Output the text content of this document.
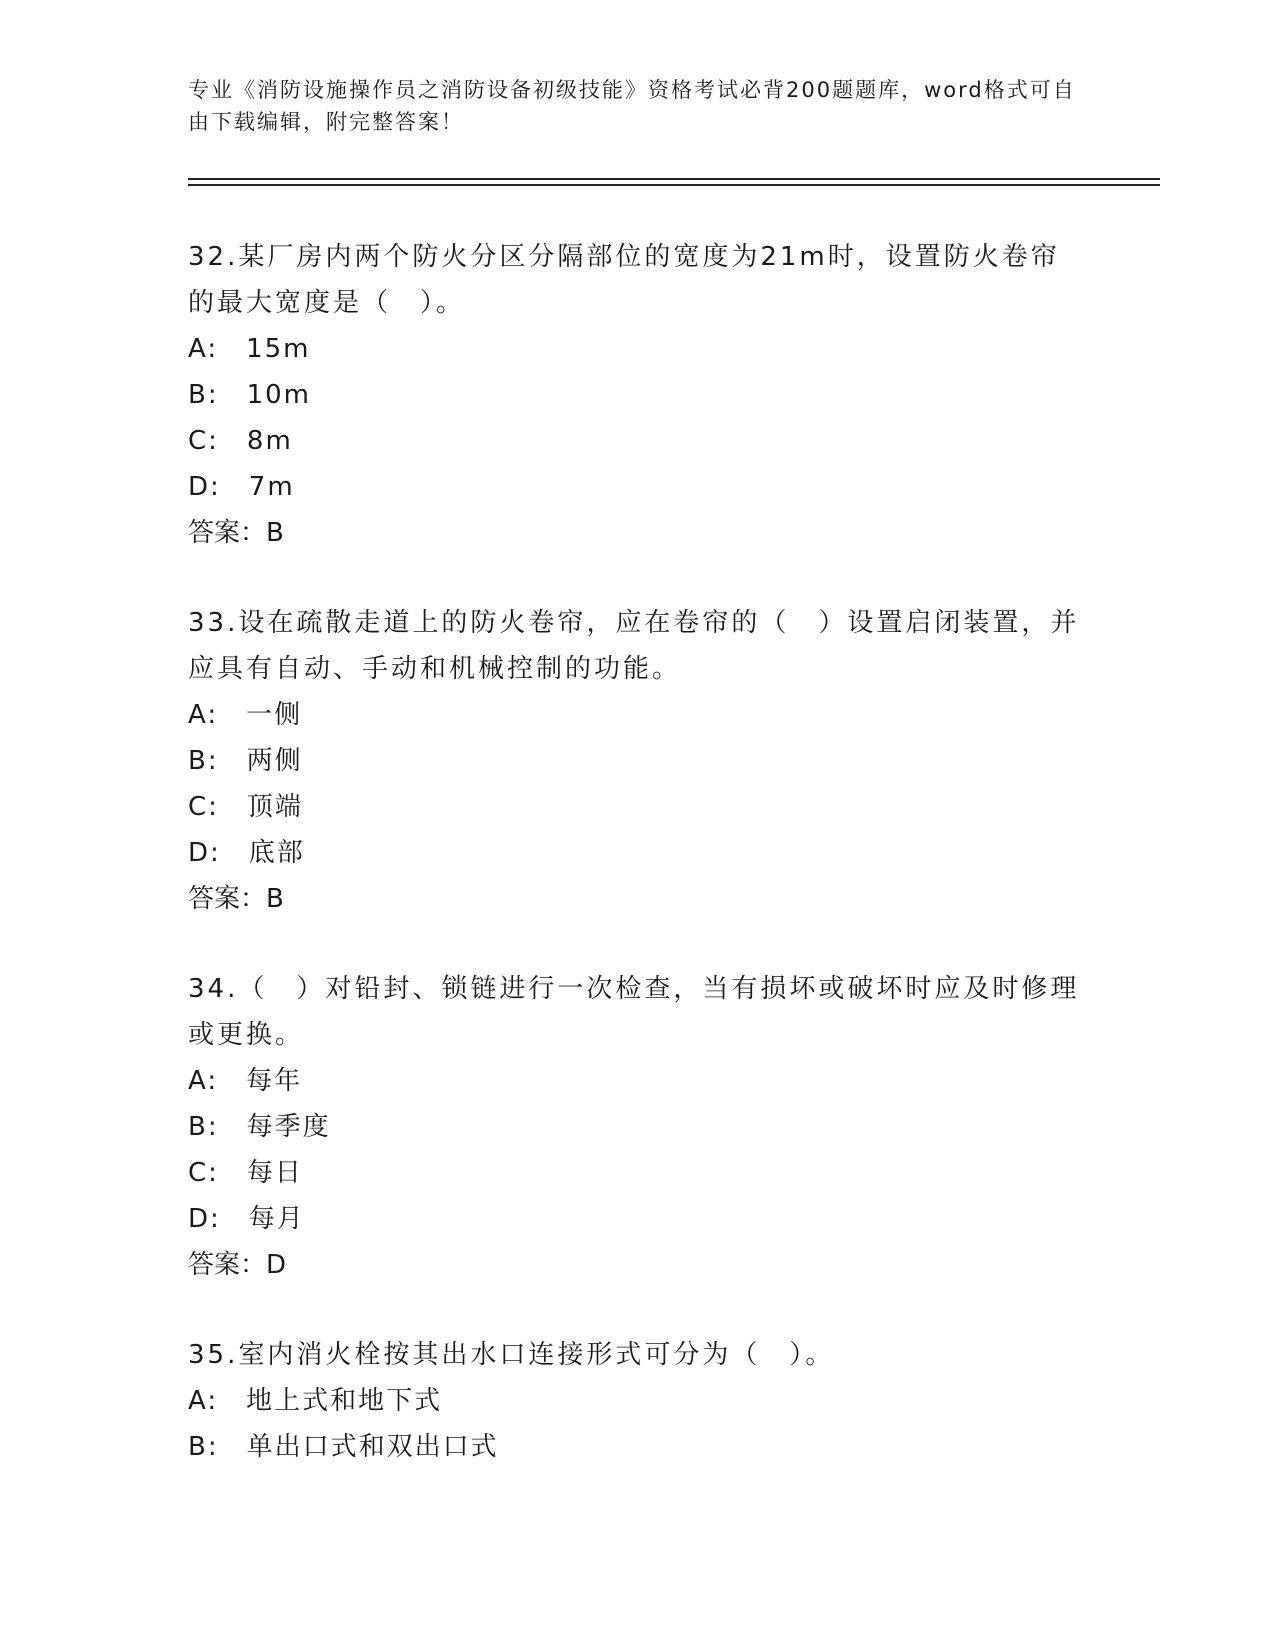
专业《消防设施操作员之消防设备初级技能》资格考试必背200题题库，word格式可自由下载编辑，附完整答案！

32.某厂房内两个防火分区分隔部位的宽度为21m时，设置防火卷帘的最大宽度是（　）。

A:　15m

B:　10m

C:　8m

D:　7m

答案：B

33.设在疏散走道上的防火卷帘，应在卷帘的（　）设置启闭装置，并应具有自动、手动和机械控制的功能。

A:　一侧

B:　两侧

C:　顶端

D:　底部

答案：B

34.（　）对铅封、锁链进行一次检查，当有损坏或破坏时应及时修理或更换。

A:　每年

B:　每季度

C:　每日

D:　每月

答案：D

35.室内消火栓按其出水口连接形式可分为（　）。

A:　地上式和地下式

B:　单出口式和双出口式
